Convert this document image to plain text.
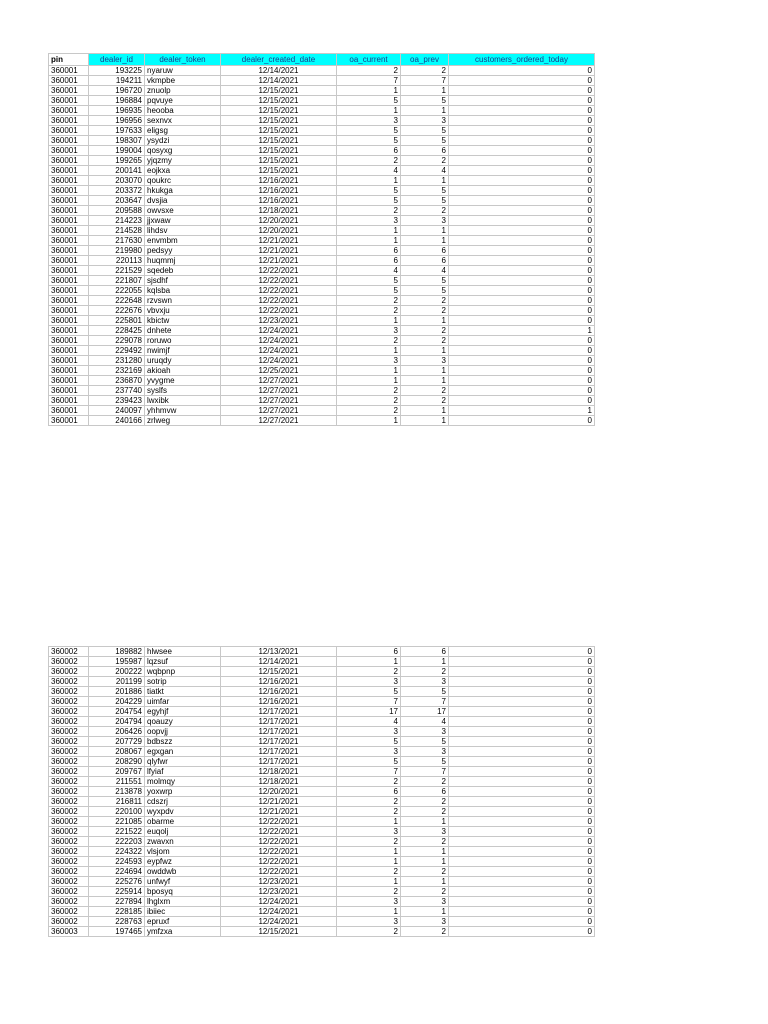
pin	dealer_id	dealer_token	dealer_created_date	oa_current	oa_prev	customers_ordered_today
360001	193225	nyaruw	12/14/2021	2	2	0
360001	194211	vkmpbe	12/14/2021	7	7	0
360001	196720	znuolp	12/15/2021	1	1	0
360001	196884	pqvuye	12/15/2021	5	5	0
360001	196935	heooba	12/15/2021	1	1	0
360001	196956	sexnvx	12/15/2021	3	3	0
360001	197633	eligsg	12/15/2021	5	5	0
360001	198307	ysydzi	12/15/2021	5	5	0
360001	199004	qosyxg	12/15/2021	6	6	0
360001	199265	yjqzmy	12/15/2021	2	2	0
360001	200141	eojkxa	12/15/2021	4	4	0
360001	203070	qoukrc	12/16/2021	1	1	0
360001	203372	hkukga	12/16/2021	5	5	0
360001	203647	dvsjia	12/16/2021	5	5	0
360001	209588	owvsxe	12/18/2021	2	2	0
360001	214223	jjxwaw	12/20/2021	3	3	0
360001	214528	lihdsv	12/20/2021	1	1	0
360001	217630	envmbm	12/21/2021	1	1	0
360001	219980	pedsyy	12/21/2021	6	6	0
360001	220113	huqmmj	12/21/2021	6	6	0
360001	221529	sqedeb	12/22/2021	4	4	0
360001	221807	sjsdhf	12/22/2021	5	5	0
360001	222055	kqlsba	12/22/2021	5	5	0
360001	222648	rzvswn	12/22/2021	2	2	0
360001	222676	vbvxju	12/22/2021	2	2	0
360001	225801	kbictw	12/23/2021	1	1	0
360001	228425	dnhete	12/24/2021	3	2	1
360001	229078	roruwo	12/24/2021	2	2	0
360001	229492	nwimjf	12/24/2021	1	1	0
360001	231280	uruqdy	12/24/2021	3	3	0
360001	232169	akioah	12/25/2021	1	1	0
360001	236870	yvygme	12/27/2021	1	1	0
360001	237740	syslfs	12/27/2021	2	2	0
360001	239423	lwxibk	12/27/2021	2	2	0
360001	240097	yhhmvw	12/27/2021	2	1	1
360001	240166	zrlweg	12/27/2021	1	1	0
360002	189882	hlwsee	12/13/2021	6	6	0
360002	195987	lqzsuf	12/14/2021	1	1	0
360002	200222	wqbpnp	12/15/2021	2	2	0
360002	201199	sotrip	12/16/2021	3	3	0
360002	201886	tiatkt	12/16/2021	5	5	0
360002	204229	uimfar	12/16/2021	7	7	0
360002	204754	egyhjf	12/17/2021	17	17	0
360002	204794	qoauzy	12/17/2021	4	4	0
360002	206426	oopvjj	12/17/2021	3	3	0
360002	207729	bdbszz	12/17/2021	5	5	0
360002	208067	egxgan	12/17/2021	3	3	0
360002	208290	qlyfwr	12/17/2021	5	5	0
360002	209767	lfyiaf	12/18/2021	7	7	0
360002	211551	molmqy	12/18/2021	2	2	0
360002	213878	yoxwrp	12/20/2021	6	6	0
360002	216811	cdszrj	12/21/2021	2	2	0
360002	220100	wyxpdv	12/21/2021	2	2	0
360002	221085	obarme	12/22/2021	1	1	0
360002	221522	euqolj	12/22/2021	3	3	0
360002	222203	zwavxn	12/22/2021	2	2	0
360002	224322	vlsjom	12/22/2021	1	1	0
360002	224593	eypfwz	12/22/2021	1	1	0
360002	224694	owddwb	12/22/2021	2	2	0
360002	225276	unfwyf	12/23/2021	1	1	0
360002	225914	bposyq	12/23/2021	2	2	0
360002	227894	lhglxm	12/24/2021	3	3	0
360002	228185	ibiiec	12/24/2021	1	1	0
360002	228763	epruxf	12/24/2021	3	3	0
360003	197465	ymfzxa	12/15/2021	2	2	0
